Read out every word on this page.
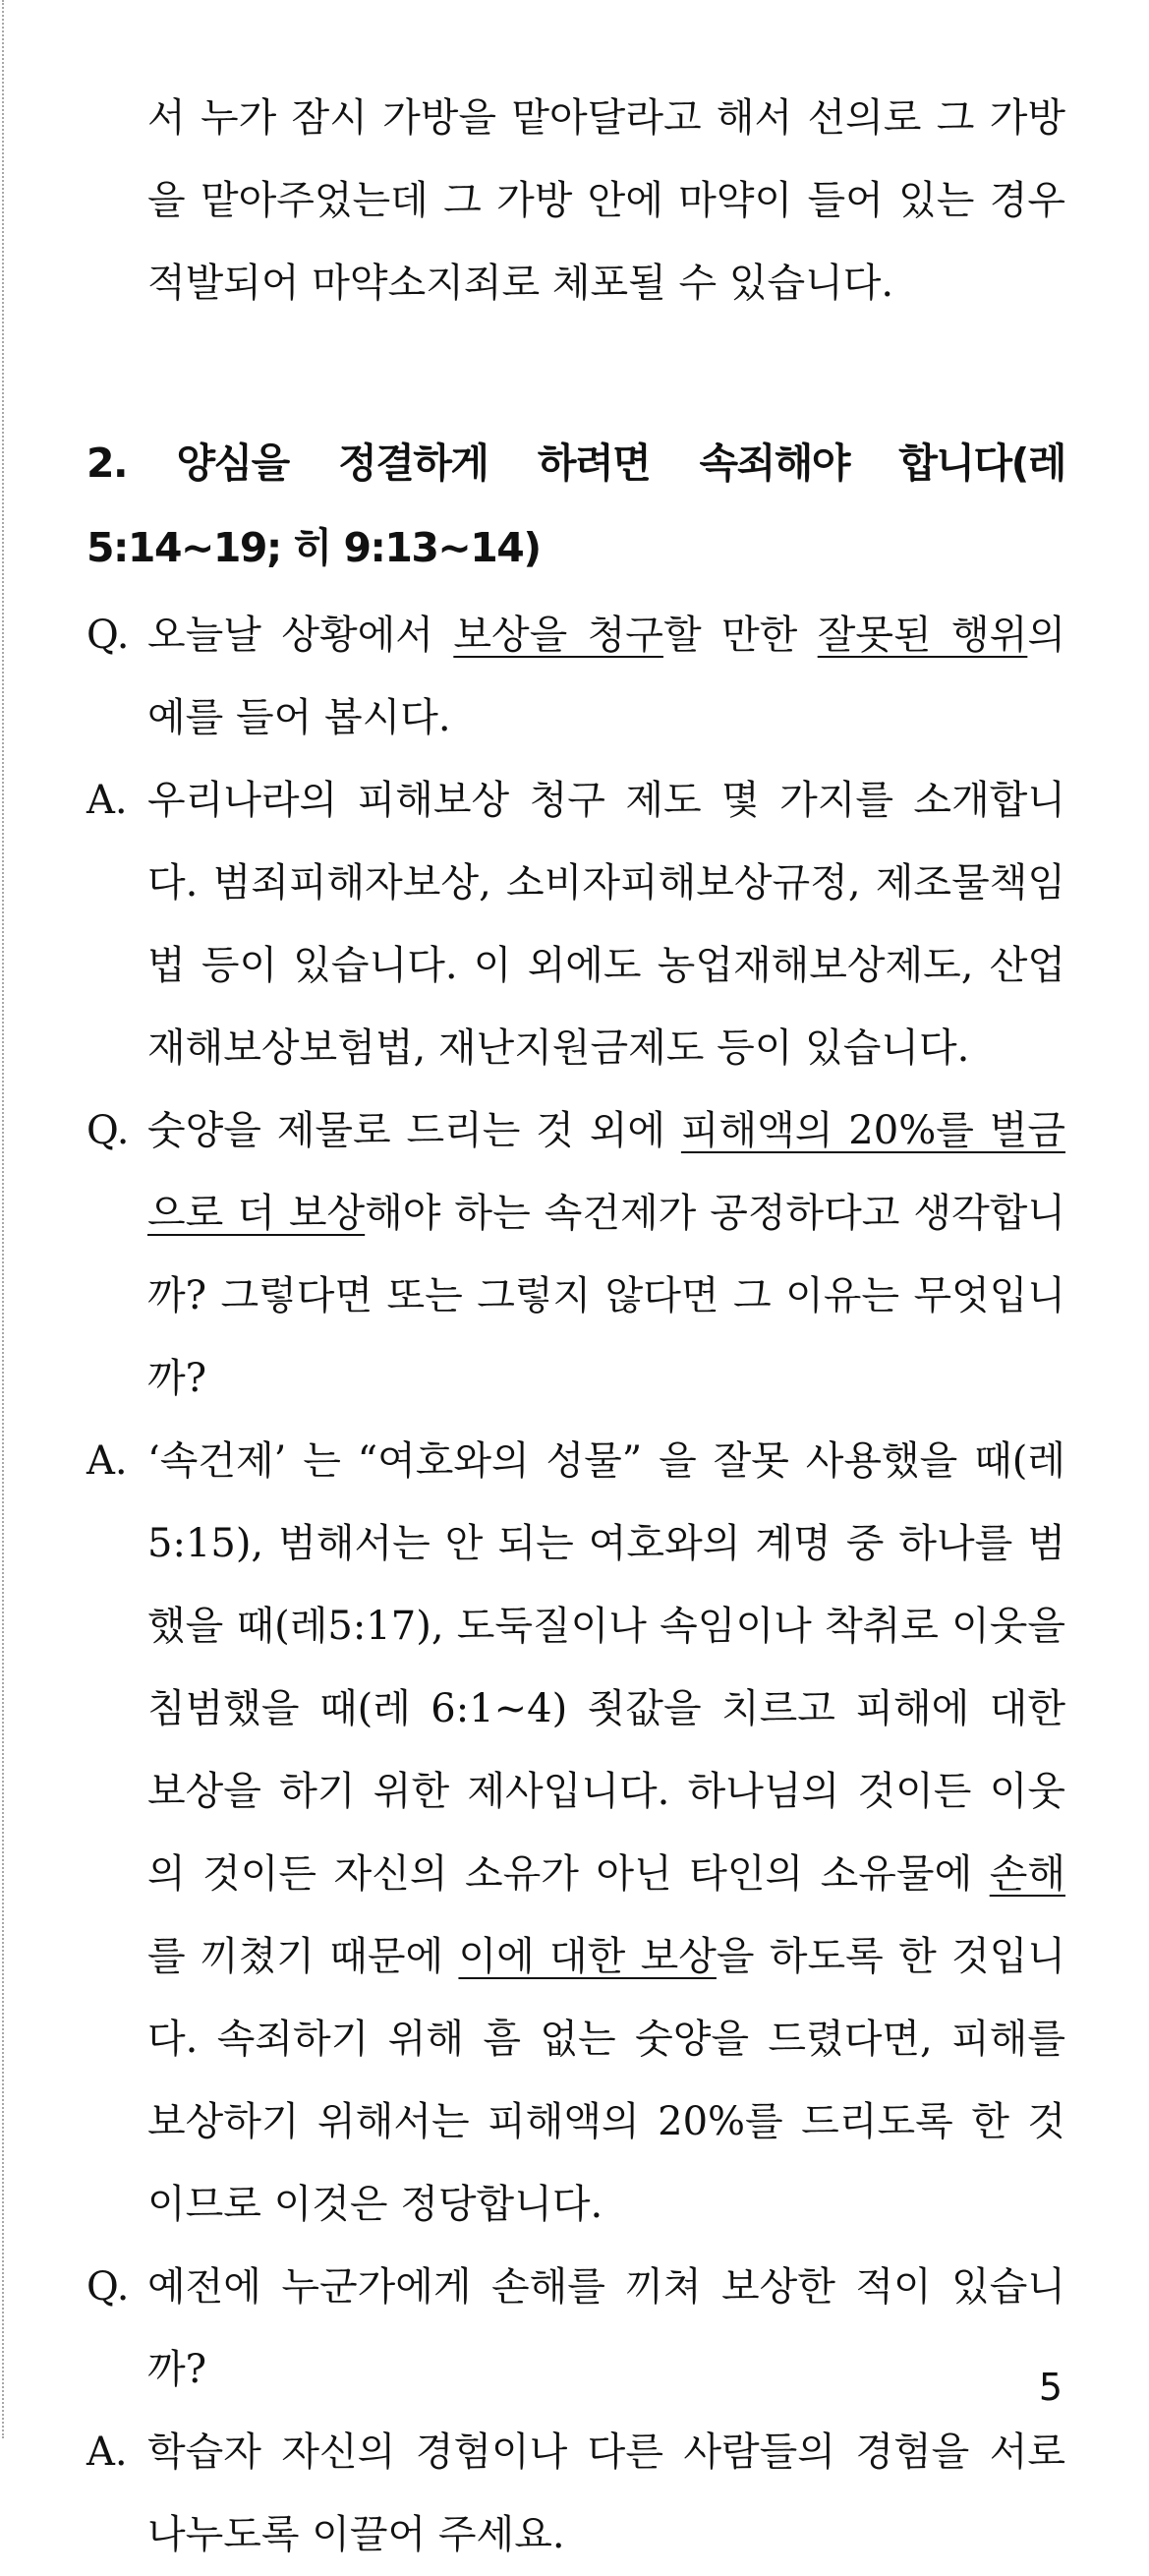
서 누가 잠시 가방을 맡아달라고 해서 선의로 그 가방을 맡아주었는데 그 가방 안에 마약이 들어 있는 경우 적발되어 마약소지죄로 체포될 수 있습니다.
2. 양심을 정결하게 하려면 속죄해야 합니다(레 5:14~19; 히 9:13~14)
Q. 오늘날 상황에서 보상을 청구할 만한 잘못된 행위의 예를 들어 봅시다.
A. 우리나라의 피해보상 청구 제도 몇 가지를 소개합니다. 범죄피해자보상, 소비자피해보상규정, 제조물책임법 등이 있습니다. 이 외에도 농업재해보상제도, 산업재해보상보험법, 재난지원금제도 등이 있습니다.
Q. 숫양을 제물로 드리는 것 외에 피해액의 20%를 벌금으로 더 보상해야 하는 속건제가 공정하다고 생각합니까? 그렇다면 또는 그렇지 않다면 그 이유는 무엇입니까?
A. ‘속건제’ 는 “여호와의 성물” 을 잘못 사용했을 때(레 5:15), 범해서는 안 되는 여호와의 계명 중 하나를 범했을 때(레5:17), 도둑질이나 속임이나 착취로 이웃을 침범했을 때(레 6:1~4) 죗값을 치르고 피해에 대한 보상을 하기 위한 제사입니다. 하나님의 것이든 이웃의 것이든 자신의 소유가 아닌 타인의 소유물에 손해를 끼쳤기 때문에 이에 대한 보상을 하도록 한 것입니다. 속죄하기 위해 흠 없는 숫양을 드렸다면, 피해를 보상하기 위해서는 피해액의 20%를 드리도록 한 것이므로 이것은 정당합니다.
Q. 예전에 누군가에게 손해를 끼쳐 보상한 적이 있습니까?
A. 학습자 자신의 경험이나 다른 사람들의 경험을 서로 나누도록 이끌어 주세요.
5
